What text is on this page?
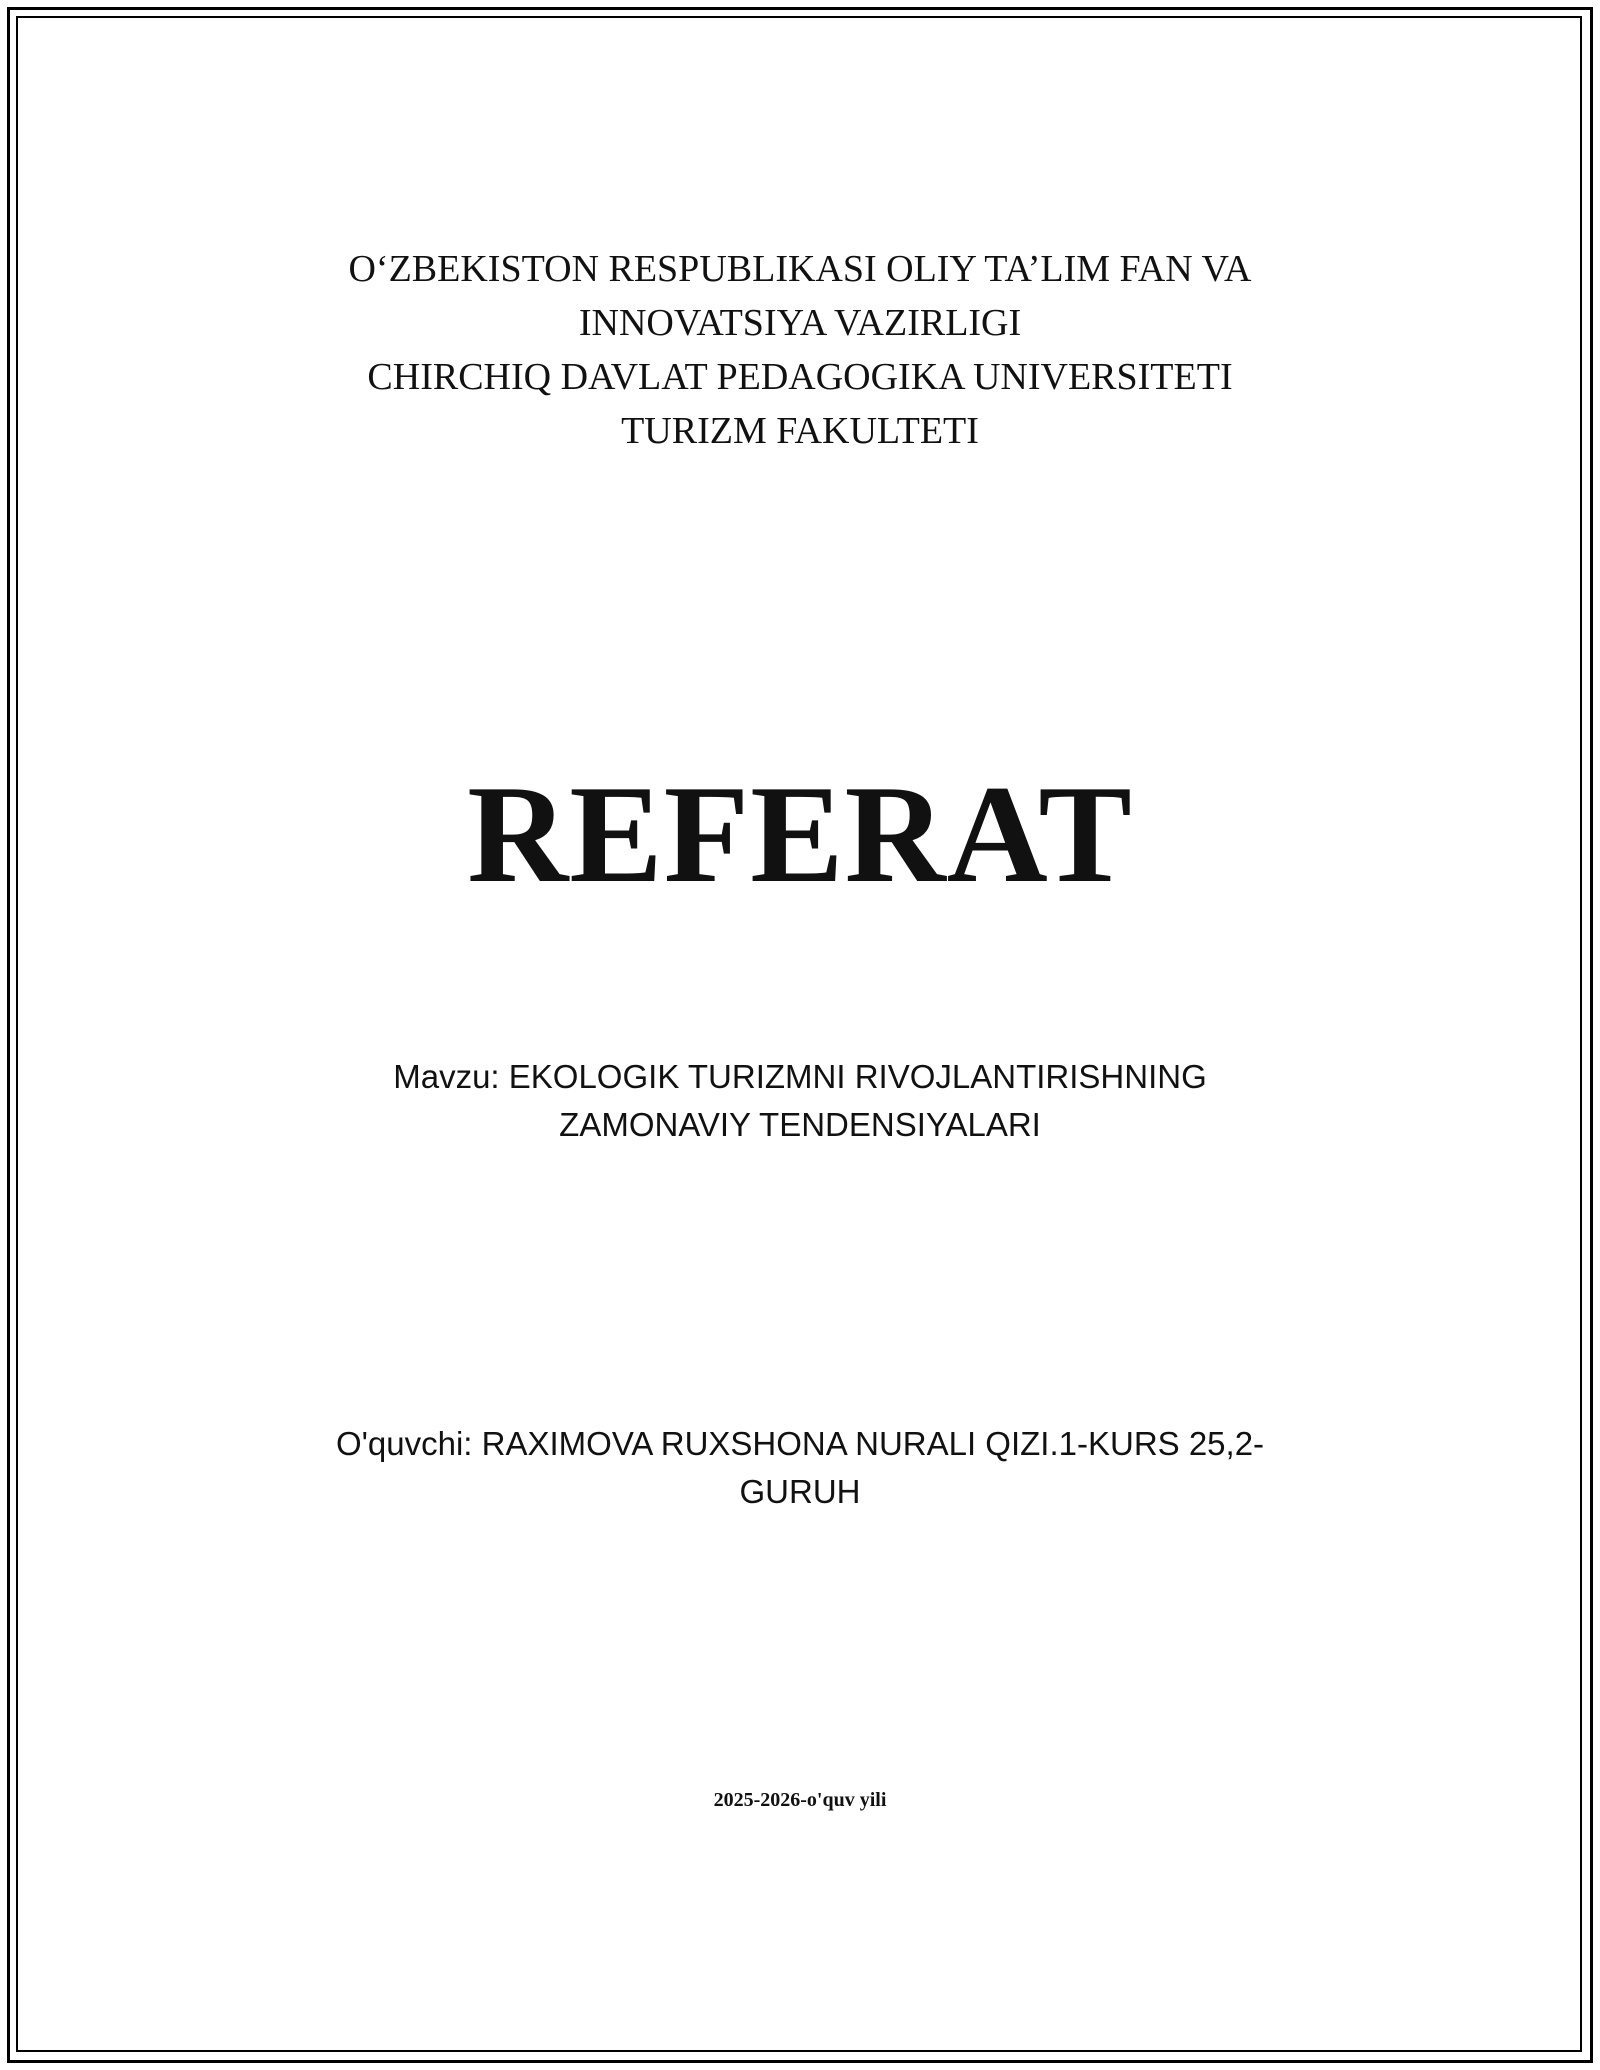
O‘ZBEKISTON RESPUBLIKASI OLIY TA’LIM FAN VA
INNOVATSIYA VAZIRLIGI
CHIRCHIQ DAVLAT PEDAGOGIKA UNIVERSITETI
TURIZM FAKULTETI
REFERAT
Mavzu: EKOLOGIK TURIZMNI RIVOJLANTIRISHNING
ZAMONAVIY TENDENSIYALARI
O'quvchi: RAXIMOVA RUXSHONA NURALI QIZI.1-KURS 25,2-
GURUH
2025-2026-o'quv yili
